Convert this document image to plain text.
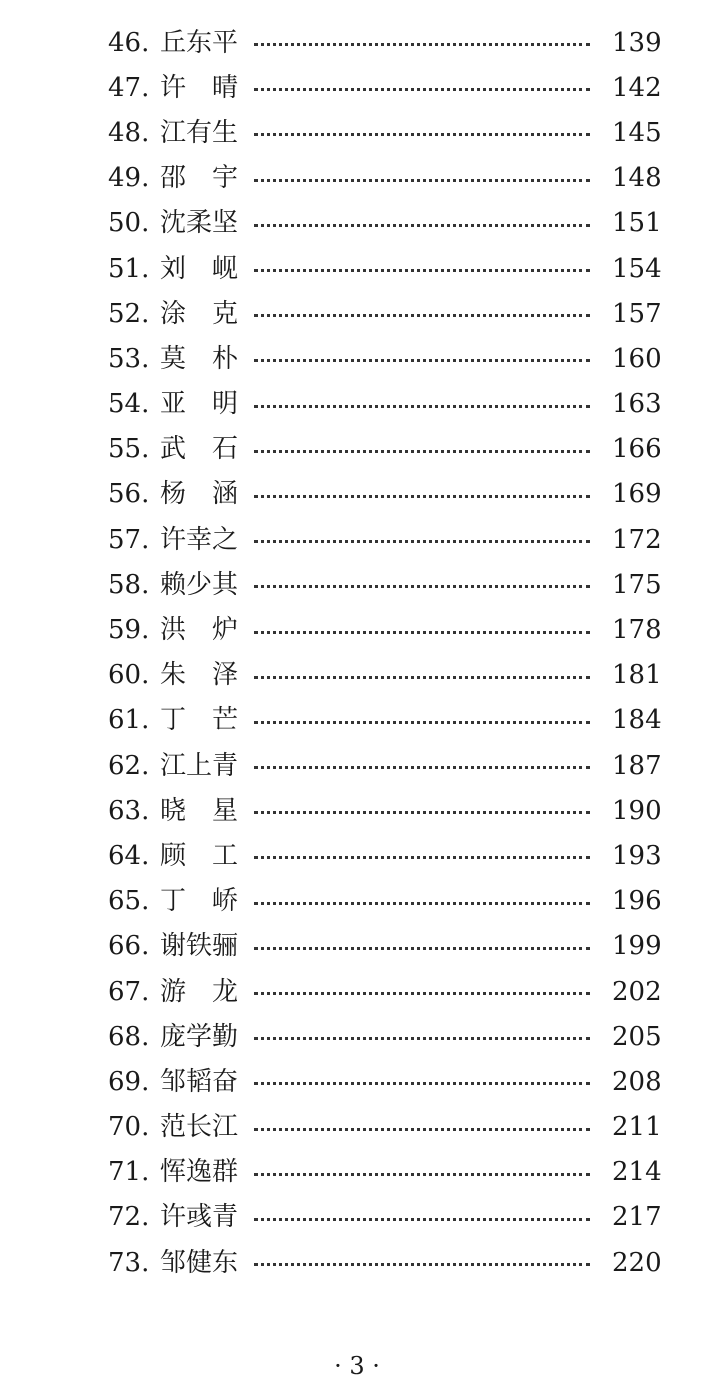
46. 丘东平	139
47. 许　晴	142
48. 江有生	145
49. 邵　宇	148
50. 沈柔坚	151
51. 刘　岘	154
52. 涂　克	157
53. 莫　朴	160
54. 亚　明	163
55. 武　石	166
56. 杨　涵	169
57. 许幸之	172
58. 赖少其	175
59. 洪　炉	178
60. 朱　泽	181
61. 丁　芒	184
62. 江上青	187
63. 晓　星	190
64. 顾　工	193
65. 丁　峤	196
66. 谢铁骊	199
67. 游　龙	202
68. 庞学勤	205
69. 邹韬奋	208
70. 范长江	211
71. 恽逸群	214
72. 许彧青	217
73. 邹健东	220
· 3 ·
